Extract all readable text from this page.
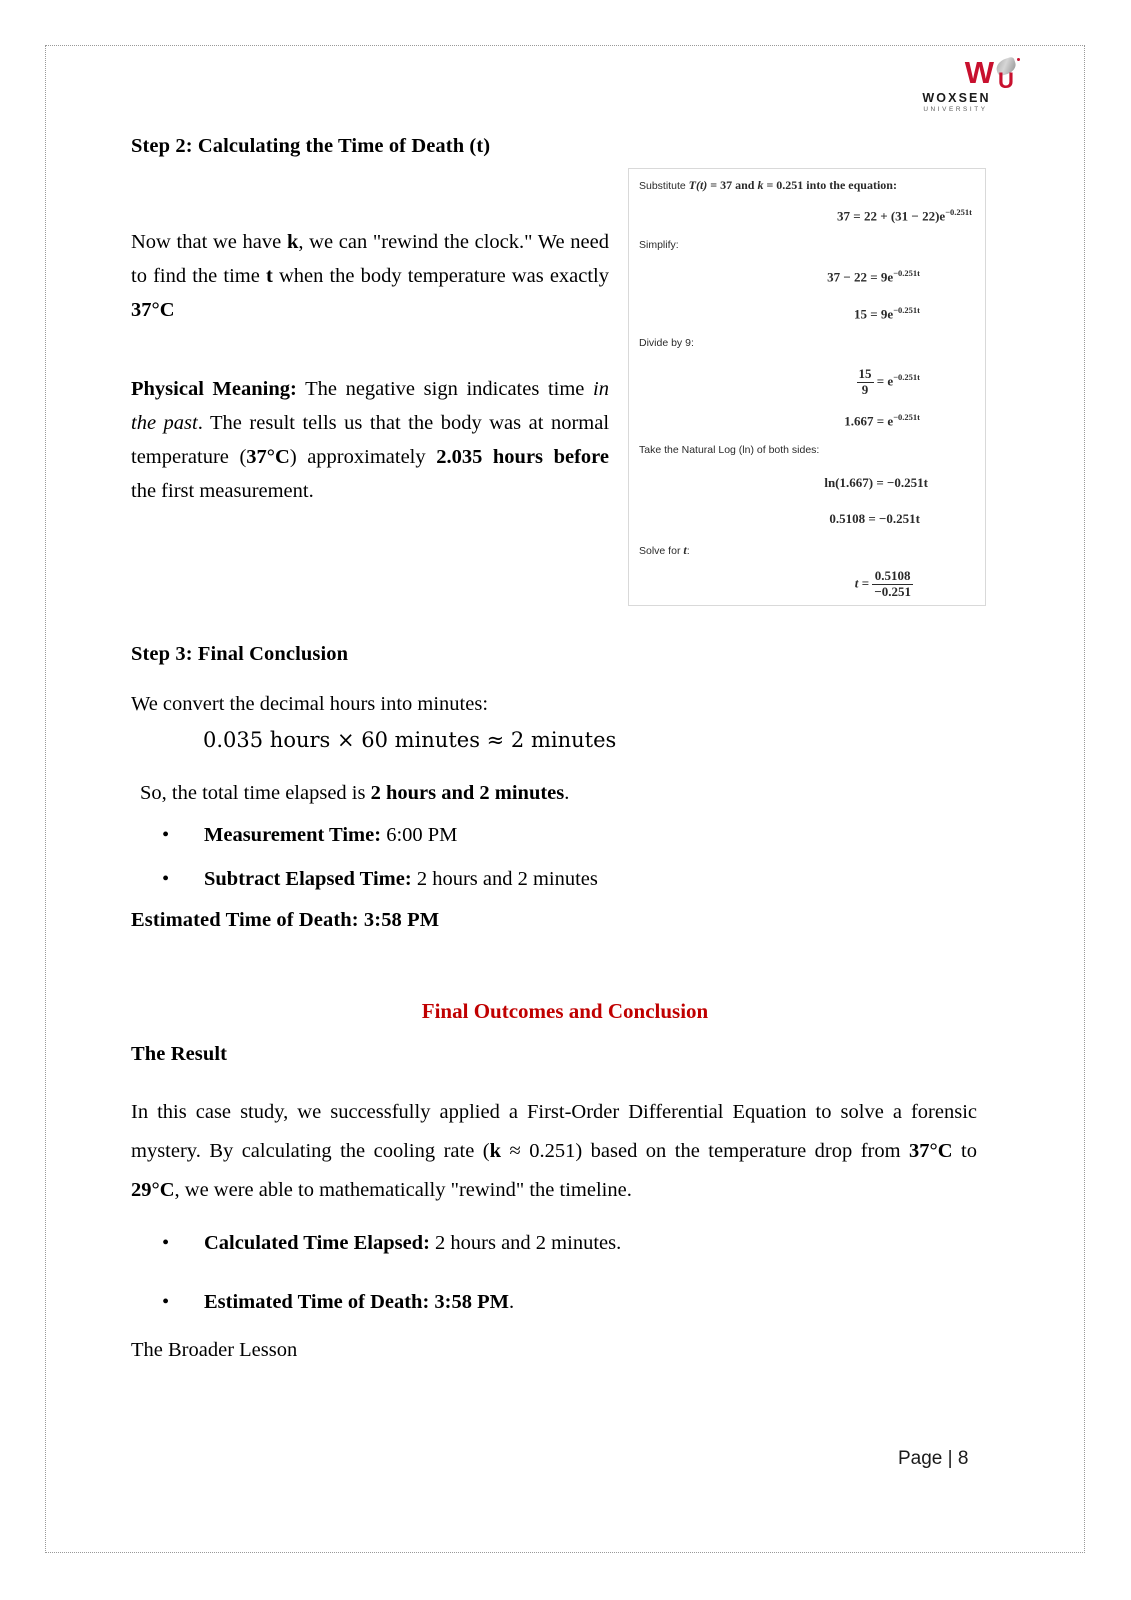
W U
WOXSEN
UNIVERSITY
Step 2: Calculating the Time of Death (t)
Now that we have k, we can "rewind the clock." We need to find the time t when the body temperature was exactly 37°C
Physical Meaning: The negative sign indicates time in the past. The result tells us that the body was at normal temperature (37°C) approximately 2.035 hours before the first measurement.
Substitute T(t) = 37 and k = 0.251 into the equation:
$37 = 22 + (31 - 22)e^{-0.251t}$
Simplify:
$37 - 22 = 9e^{-0.251t}$
$15 = 9e^{-0.251t}$
Divide by 9:
$\frac{15}{9} = e^{-0.251t}$
$1.667 = e^{-0.251t}$
Take the Natural Log (ln) of both sides:
ln(1.667) = −0.251t
0.5108 = −0.251t
Solve for t:
$t = \frac{0.5108}{-0.251}$
Step 3: Final Conclusion
We convert the decimal hours into minutes:
0.035 hours × 60 minutes ≈ 2 minutes
So, the total time elapsed is 2 hours and 2 minutes.
• Measurement Time: 6:00 PM
• Subtract Elapsed Time: 2 hours and 2 minutes
Estimated Time of Death: 3:58 PM
Final Outcomes and Conclusion
The Result
In this case study, we successfully applied a First-Order Differential Equation to solve a forensic mystery. By calculating the cooling rate (k ≈ 0.251) based on the temperature drop from 37°C to 29°C, we were able to mathematically "rewind" the timeline.
• Calculated Time Elapsed: 2 hours and 2 minutes.
• Estimated Time of Death: 3:58 PM.
The Broader Lesson
Page | 8
